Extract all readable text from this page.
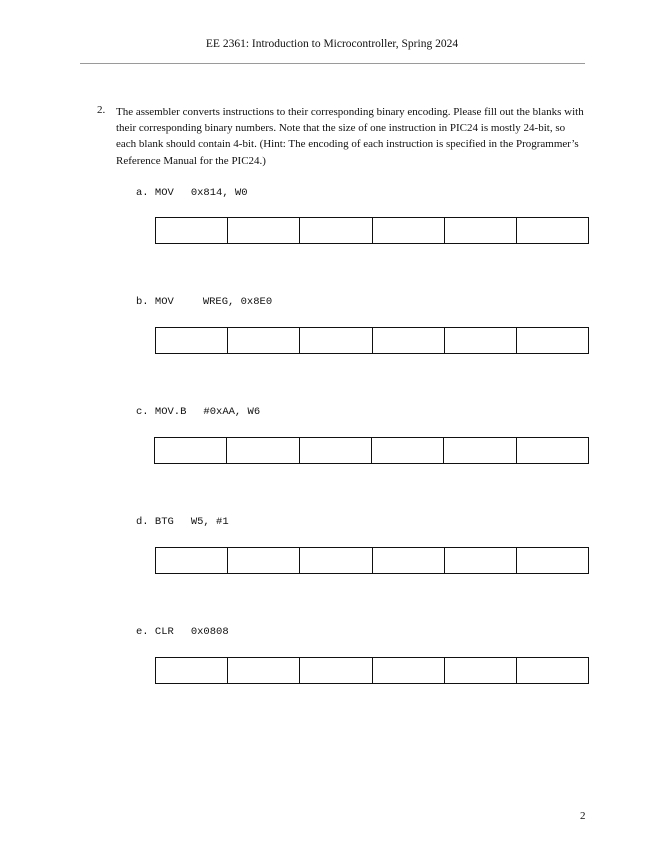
EE 2361: Introduction to Microcontroller, Spring 2024
2. The assembler converts instructions to their corresponding binary encoding. Please fill out the blanks with their corresponding binary numbers. Note that the size of one instruction in PIC24 is mostly 24-bit, so each blank should contain 4-bit. (Hint: The encoding of each instruction is specified in the Programmer’s Reference Manual for the PIC24.)
a. MOV 0x814, W0
b. MOV	WREG, 0x8E0
c. MOV.B #0xAA, W6
d. BTG W5, #1
e. CLR 0x0808
2
